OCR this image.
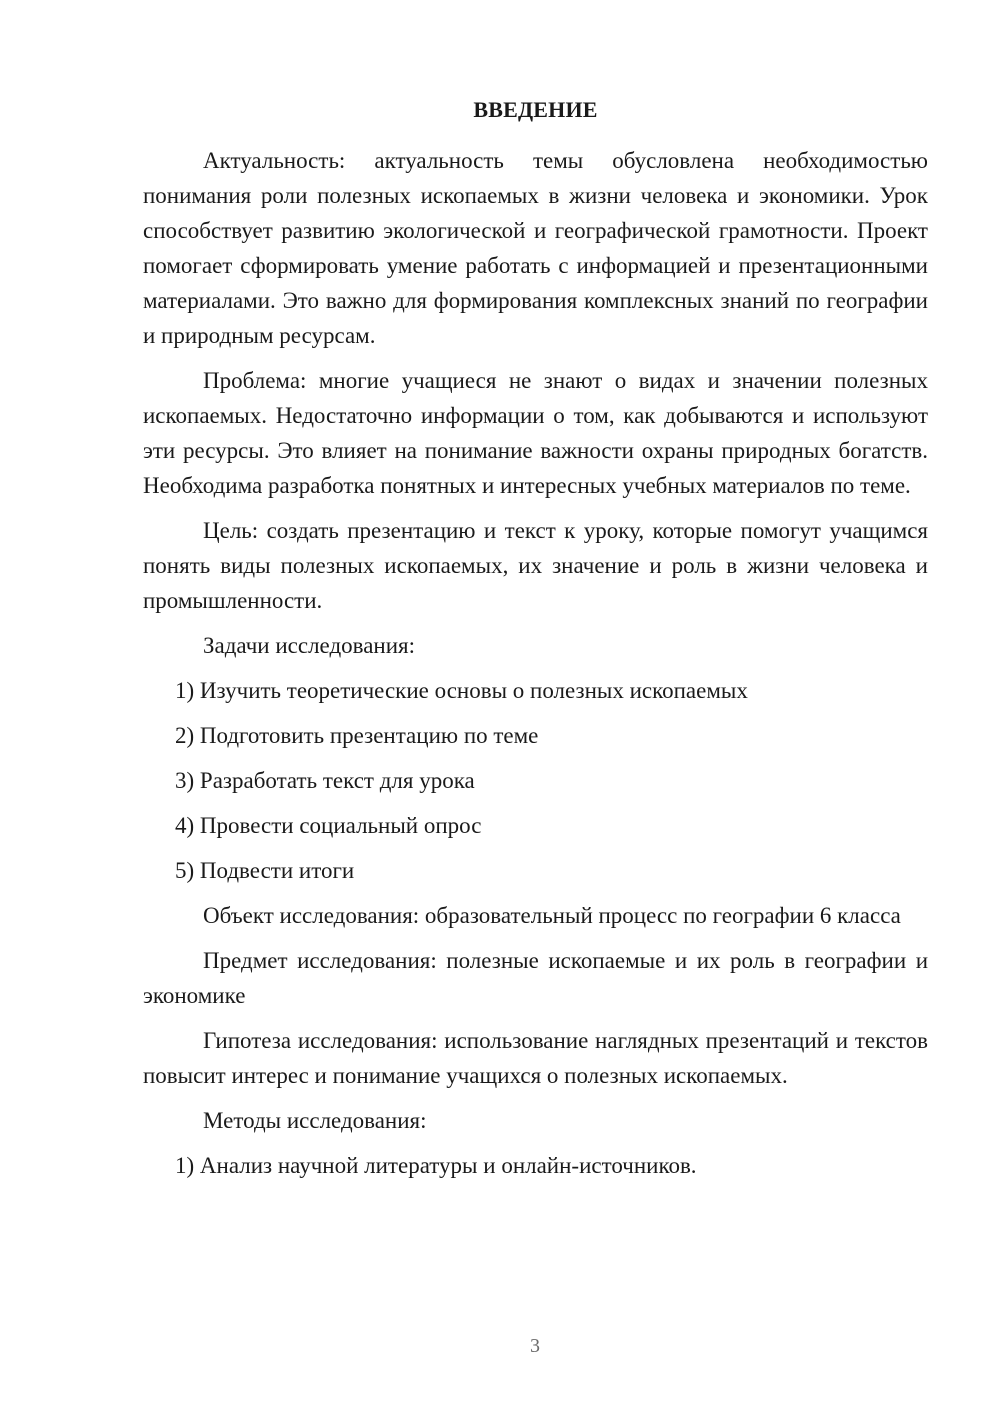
ВВЕДЕНИЕ

Актуальность: актуальность темы обусловлена необходимостью понимания роли полезных ископаемых в жизни человека и экономики. Урок способствует развитию экологической и географической грамотности. Проект помогает сформировать умение работать с информацией и презентационными материалами. Это важно для формирования комплексных знаний по географии и природным ресурсам.

Проблема: многие учащиеся не знают о видах и значении полезных ископаемых. Недостаточно информации о том, как добываются и используют эти ресурсы. Это влияет на понимание важности охраны природных богатств. Необходима разработка понятных и интересных учебных материалов по теме.

Цель: создать презентацию и текст к уроку, которые помогут учащимся понять виды полезных ископаемых, их значение и роль в жизни человека и промышленности.

Задачи исследования:

1) Изучить теоретические основы о полезных ископаемых
2) Подготовить презентацию по теме
3) Разработать текст для урока
4) Провести социальный опрос
5) Подвести итоги

Объект исследования: образовательный процесс по географии 6 класса

Предмет исследования: полезные ископаемые и их роль в географии и экономике

Гипотеза исследования: использование наглядных презентаций и текстов повысит интерес и понимание учащихся о полезных ископаемых.

Методы исследования:

1) Анализ научной литературы и онлайн-источников.
3
